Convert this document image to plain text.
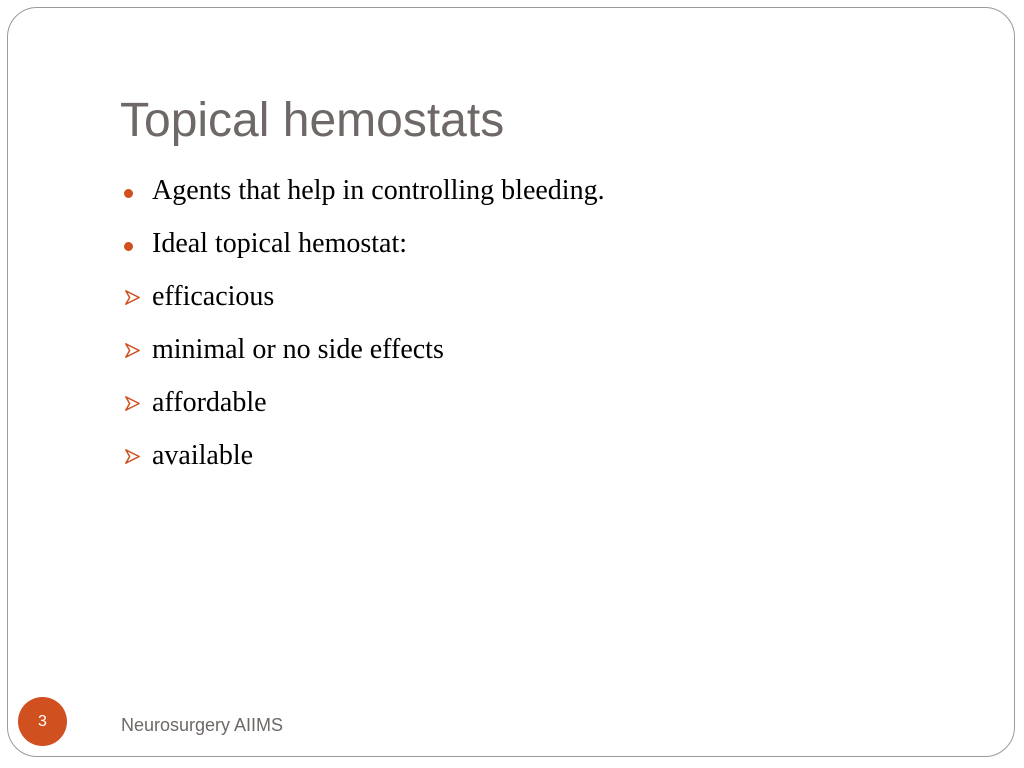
Topical hemostats
Agents that help in controlling bleeding.
Ideal topical hemostat:
efficacious
minimal or no side effects
affordable
available
Neurosurgery AIIMS
3
